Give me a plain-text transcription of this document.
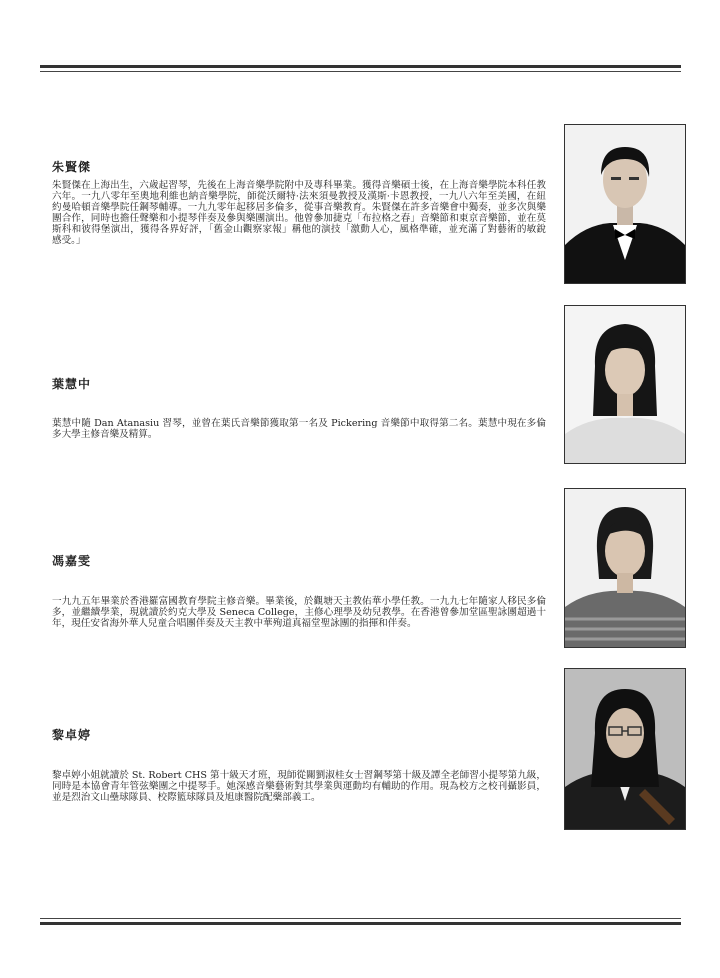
朱賢傑
朱賢傑在上海出生，六歲起習琴，先後在上海音樂學院附中及專科畢業。獲得音樂碩士後，在上海音樂學院本科任教六年。一九八零年至奧地利維也納音樂學院，師從沃爾特·法來須曼教授及漢斯·卡恩教授，一九八六年至美國，在紐約曼哈頓音樂學院任鋼琴輔導。一九九零年起移居多倫多，從事音樂教育。朱賢傑在許多音樂會中獨奏，並多次與樂團合作，同時也擔任聲樂和小提琴伴奏及參與樂團演出。他曾參加捷克「布拉格之春」音樂節和東京音樂節，並在莫斯科和彼得堡演出，獲得各界好評，「舊金山觀察家報」稱他的演技「激動人心，風格準確，並充滿了對藝術的敏銳感受。」
葉慧中
葉慧中隨 Dan Atanasiu 習琴，並曾在葉氏音樂節獲取第一名及 Pickering 音樂節中取得第二名。葉慧中現在多倫多大學主修音樂及精算。
馮嘉雯
一九九五年畢業於香港羅富國教育學院主修音樂。畢業後，於觀塘天主教佑華小學任教。一九九七年隨家人移民多倫多，並繼續學業，現就讀於約克大學及 Seneca College，主修心理學及幼兒教學。在香港曾參加堂區聖詠團超過十年，現任安省海外華人兒童合唱團伴奏及天主教中華殉道真福堂聖詠團的指揮和伴奏。
黎卓婷
黎卓婷小姐就讀於 St. Robert CHS 第十級天才班，現師從關劉淑桂女士習鋼琴第十級及譚全老師習小提琴第九級，同時是本協會青年管弦樂團之中提琴手。她深感音樂藝術對其學業與運動均有輔助的作用。現為校方之校刊攝影員，並是烈治文山壘球隊員、校際籃球隊員及旭康醫院配藥部義工。
